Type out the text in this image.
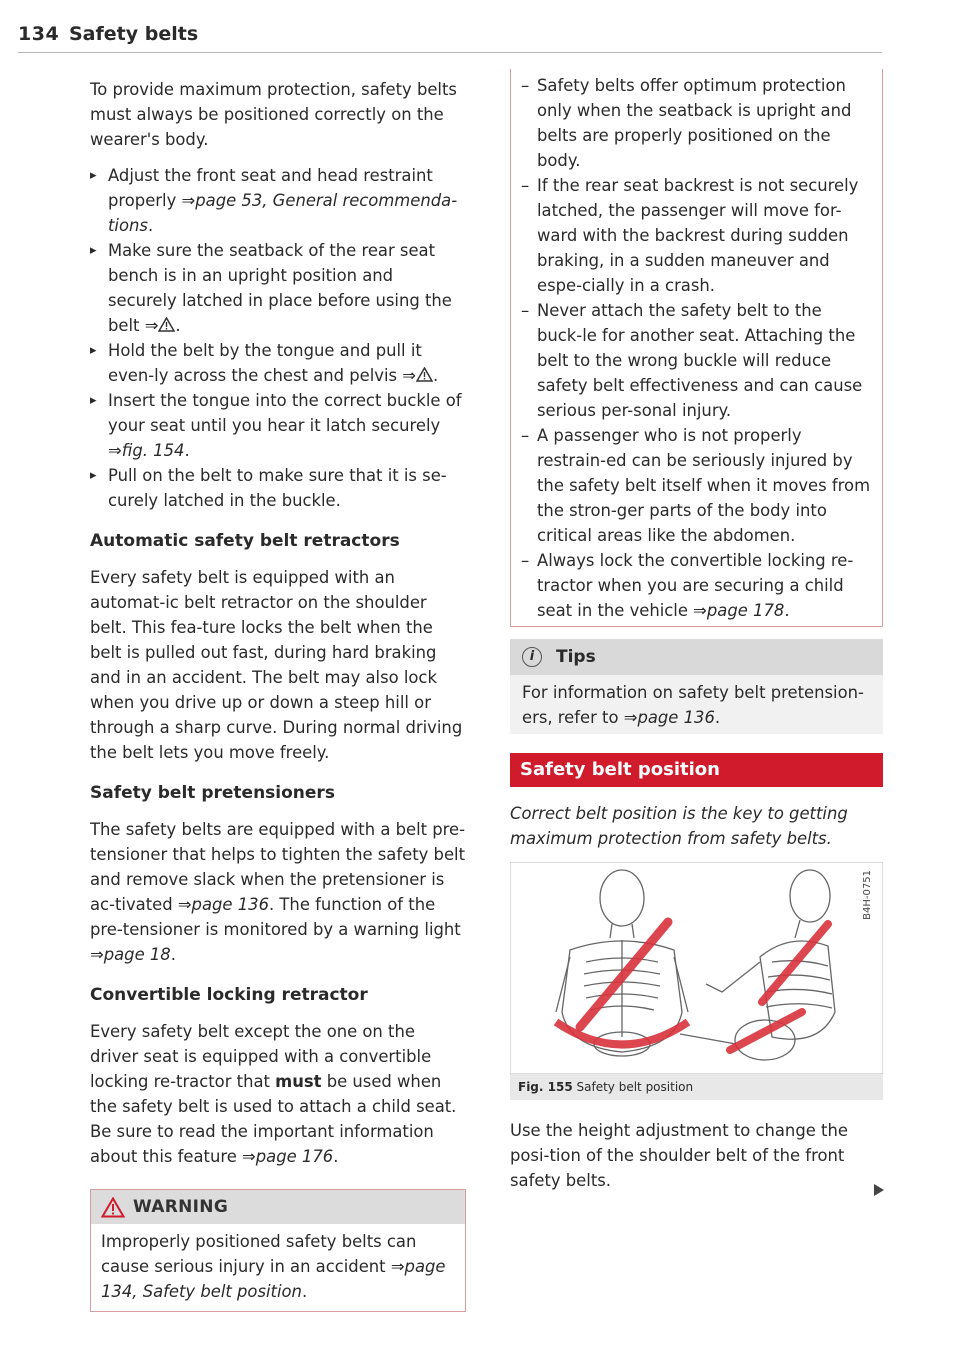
134 Safety belts

To provide maximum protection, safety belts must always be positioned correctly on the wearer's body.

▸ Adjust the front seat and head restraint properly ⇒page 53, General recommenda-tions.

▸ Make sure the seatback of the rear seat bench is in an upright position and securely latched in place before using the belt ⇒ .

▸ Hold the belt by the tongue and pull it even-ly across the chest and pelvis ⇒ .

▸ Insert the tongue into the correct buckle of your seat until you hear it latch securely ⇒fig. 154.

▸ Pull on the belt to make sure that it is se-curely latched in the buckle.

Automatic safety belt retractors

Every safety belt is equipped with an automat-ic belt retractor on the shoulder belt. This fea-ture locks the belt when the belt is pulled out fast, during hard braking and in an accident. The belt may also lock when you drive up or down a steep hill or through a sharp curve. During normal driving the belt lets you move freely.

Safety belt pretensioners

The safety belts are equipped with a belt pre-tensioner that helps to tighten the safety belt and remove slack when the pretensioner is ac-tivated ⇒page 136. The function of the pre-tensioner is monitored by a warning light ⇒page 18.

Convertible locking retractor

Every safety belt except the one on the driver seat is equipped with a convertible locking re-tractor that must be used when the safety belt is used to attach a child seat. Be sure to read the important information about this feature ⇒page 176.

WARNING
Improperly positioned safety belts can cause serious injury in an accident ⇒page 134, Safety belt position.

– Safety belts offer optimum protection only when the seatback is upright and belts are properly positioned on the body.

– If the rear seat backrest is not securely latched, the passenger will move for-ward with the backrest during sudden braking, in a sudden maneuver and espe-cially in a crash.

– Never attach the safety belt to the buck-le for another seat. Attaching the belt to the wrong buckle will reduce safety belt effectiveness and can cause serious per-sonal injury.

– A passenger who is not properly restrain-ed can be seriously injured by the safety belt itself when it moves from the stron-ger parts of the body into critical areas like the abdomen.

– Always lock the convertible locking re-tractor when you are securing a child seat in the vehicle ⇒page 178.

i Tips
For information on safety belt pretension-ers, refer to ⇒page 136.
Safety belt position

Correct belt position is the key to getting maximum protection from safety belts.

B4H-0751
Fig. 155 Safety belt position

Use the height adjustment to change the posi-tion of the shoulder belt of the front safety belts.
